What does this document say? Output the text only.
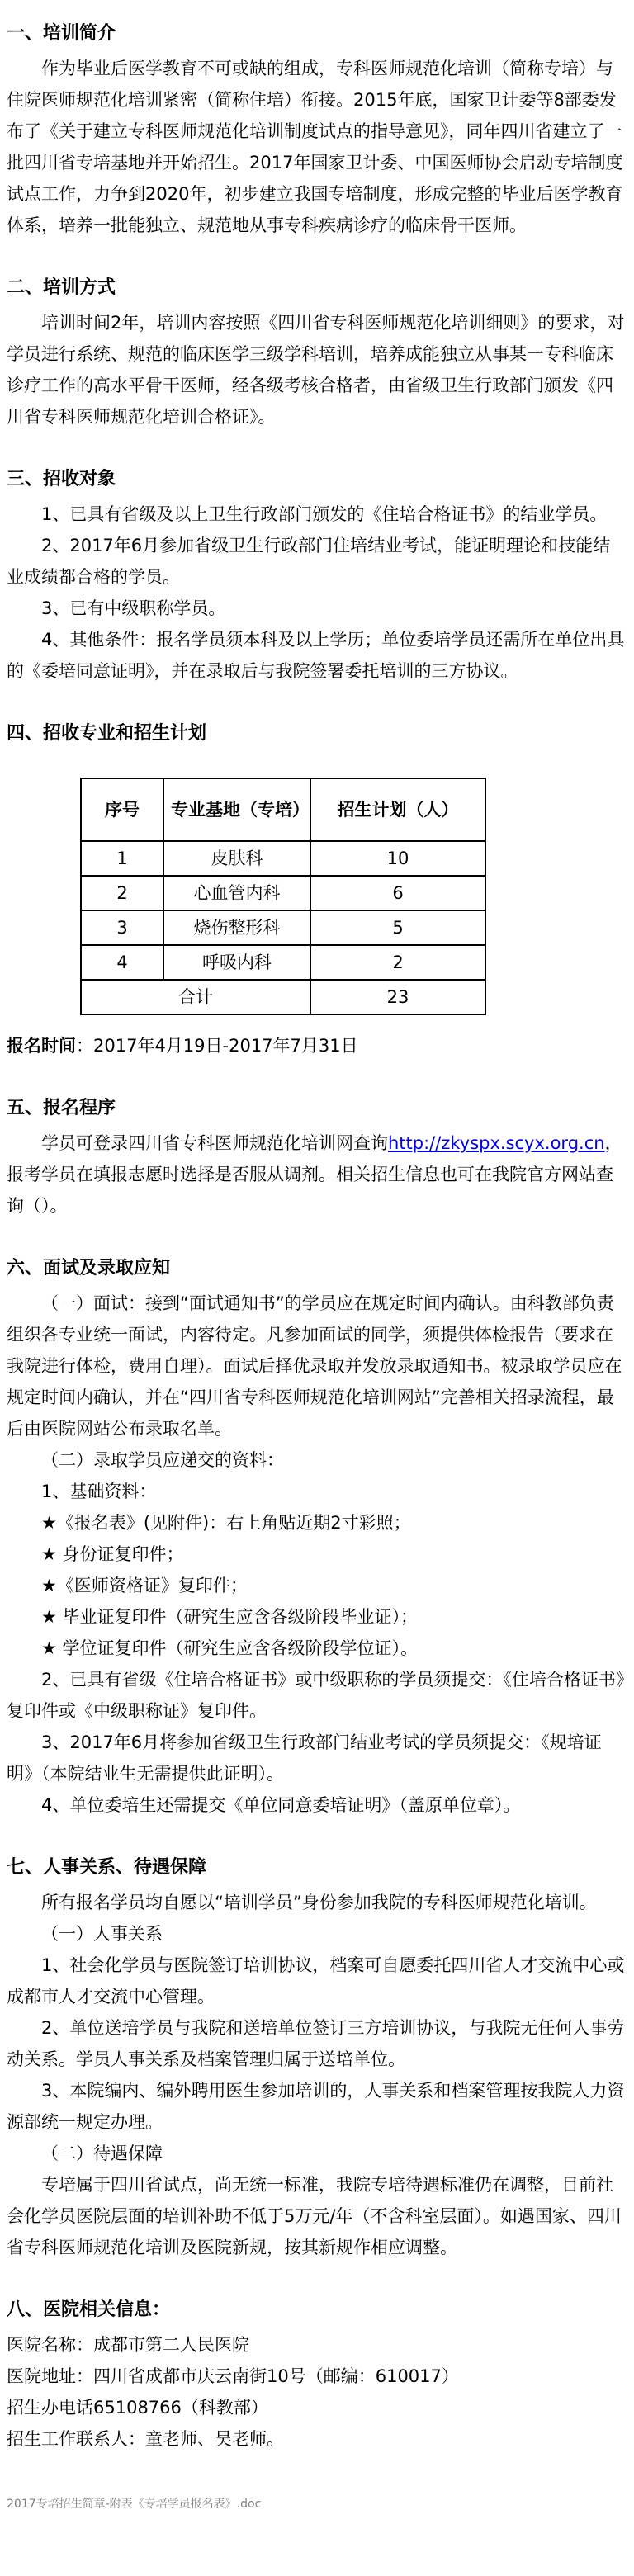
一、培训简介

作为毕业后医学教育不可或缺的组成，专科医师规范化培训（简称专培）与住院医师规范化培训紧密（简称住培）衔接。2015年底，国家卫计委等8部委发布了《关于建立专科医师规范化培训制度试点的指导意见》，同年四川省建立了一批四川省专培基地并开始招生。2017年国家卫计委、中国医师协会启动专培制度试点工作，力争到2020年，初步建立我国专培制度，形成完整的毕业后医学教育体系，培养一批能独立、规范地从事专科疾病诊疗的临床骨干医师。

二、培训方式

培训时间2年，培训内容按照《四川省专科医师规范化培训细则》的要求，对学员进行系统、规范的临床医学三级学科培训，培养成能独立从事某一专科临床诊疗工作的高水平骨干医师，经各级考核合格者，由省级卫生行政部门颁发《四川省专科医师规范化培训合格证》。

三、招收对象

1、已具有省级及以上卫生行政部门颁发的《住培合格证书》的结业学员。

2、2017年6月参加省级卫生行政部门住培结业考试，能证明理论和技能结业成绩都合格的学员。

3、已有中级职称学员。

4、其他条件：报名学员须本科及以上学历；单位委培学员还需所在单位出具的《委培同意证明》，并在录取后与我院签署委托培训的三方协议。

四、招收专业和招生计划
序号	专业基地（专培）	招生计划（人）
1	皮肤科	10
2	心血管内科	6
3	烧伤整形科	5
4	呼吸内科	2
合计		23

报名时间：2017年4月19日-2017年7月31日

五、报名程序

学员可登录四川省专科医师规范化培训网查询http://zkyspx.scyx.org.cn，报考学员在填报志愿时选择是否服从调剂。相关招生信息也可在我院官方网站查询（）。

六、面试及录取应知

（一）面试：接到“面试通知书”的学员应在规定时间内确认。由科教部负责组织各专业统一面试，内容待定。凡参加面试的同学，须提供体检报告（要求在我院进行体检，费用自理）。面试后择优录取并发放录取通知书。被录取学员应在规定时间内确认，并在“四川省专科医师规范化培训网站”完善相关招录流程，最后由医院网站公布录取名单。

（二）录取学员应递交的资料：

1、基础资料：

★《报名表》(见附件)：右上角贴近期2寸彩照；

★ 身份证复印件；

★《医师资格证》复印件；

★ 毕业证复印件（研究生应含各级阶段毕业证）；

★ 学位证复印件（研究生应含各级阶段学位证）。

2、已具有省级《住培合格证书》或中级职称的学员须提交：《住培合格证书》复印件或《中级职称证》复印件。

3、2017年6月将参加省级卫生行政部门结业考试的学员须提交：《规培证明》（本院结业生无需提供此证明）。

4、单位委培生还需提交《单位同意委培证明》（盖原单位章）。

七、人事关系、待遇保障

所有报名学员均自愿以“培训学员”身份参加我院的专科医师规范化培训。

（一）人事关系

1、社会化学员与医院签订培训协议，档案可自愿委托四川省人才交流中心或成都市人才交流中心管理。

2、单位送培学员与我院和送培单位签订三方培训协议，与我院无任何人事劳动关系。学员人事关系及档案管理归属于送培单位。

3、本院编内、编外聘用医生参加培训的，人事关系和档案管理按我院人力资源部统一规定办理。

（二）待遇保障

专培属于四川省试点，尚无统一标准，我院专培待遇标准仍在调整，目前社会化学员医院层面的培训补助不低于5万元/年（不含科室层面）。如遇国家、四川省专科医师规范化培训及医院新规，按其新规作相应调整。

八、医院相关信息：

医院名称：成都市第二人民医院

医院地址：四川省成都市庆云南街10号（邮编：610017）

招生办电话65108766（科教部）

招生工作联系人：童老师、吴老师。

2017专培招生简章-附表《专培学员报名表》.doc
